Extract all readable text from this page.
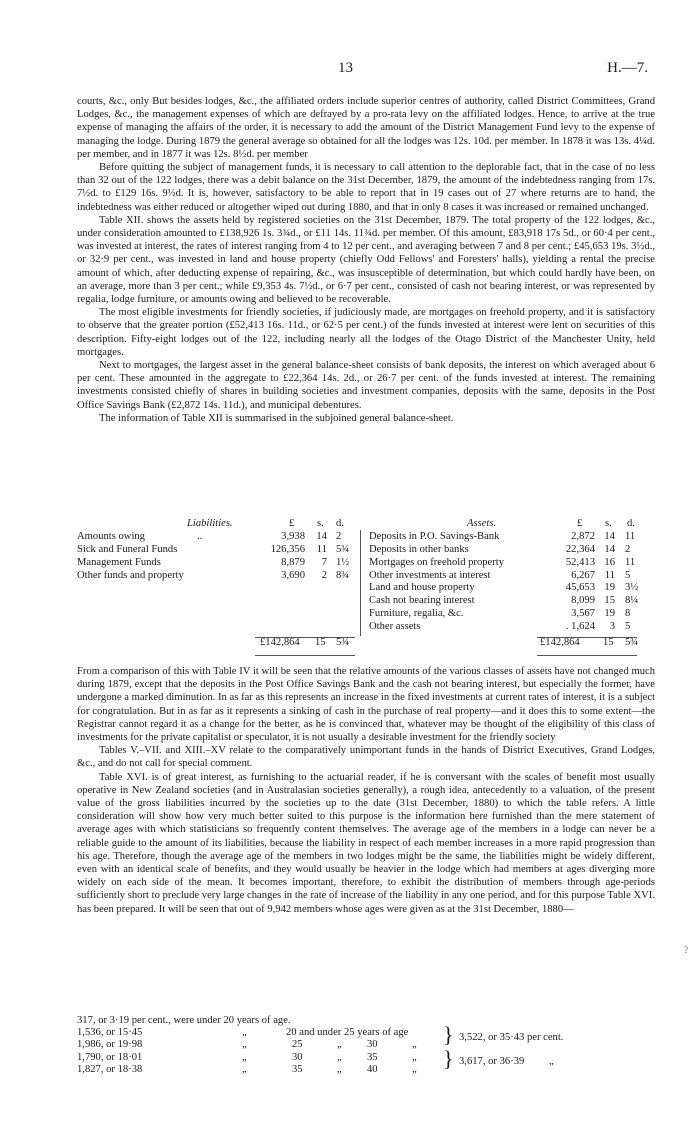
13	H.—7.

courts, &c., only But besides lodges, &c., the affiliated orders include superior centres of authority, called District Committees, Grand Lodges, &c., the management expenses of which are defrayed by a pro-rata levy on the affiliated lodges. Hence, to arrive at the true expense of managing the affairs of the order, it is necessary to add the amount of the District Management Fund levy to the expense of managing the lodge. During 1879 the general average so obtained for all the lodges was 12s. 10d. per member. In 1878 it was 13s. 4¼d. per member, and in 1877 it was 12s. 8½d. per member

Before quitting the subject of management funds, it is necessary to call attention to the deplorable fact, that in the case of no less than 32 out of the 122 lodges, there was a debit balance on the 31st December, 1879, the amount of the indebtedness ranging from 17s. 7½d. to £129 16s. 9½d. It is, however, satisfactory to be able to report that in 19 cases out of 27 where returns are to hand, the indebtedness was either reduced or altogether wiped out during 1880, and that in only 8 cases it was increased or remained unchanged.

Table XII. shows the assets held by registered societies on the 31st December, 1879. The total property of the 122 lodges, &c., under consideration amounted to £138,926 1s. 3¾d., or £11 14s. 11¾d. per member. Of this amount, £83,918 17s 5d., or 60·4 per cent., was invested at interest, the rates of interest ranging from 4 to 12 per cent., and averaging between 7 and 8 per cent.; £45,653 19s. 3½d., or 32·9 per cent., was invested in land and house property (chiefly Odd Fellows' and Foresters' halls), yielding a rental the precise amount of which, after deducting expense of repairing, &c., was insusceptible of determination, but which could hardly have been, on an average, more than 3 per cent.; while £9,353 4s. 7½d., or 6·7 per cent., consisted of cash not bearing interest, or was represented by regalia, lodge furniture, or amounts owing and believed to be recoverable.

The most eligible investments for friendly societies, if judiciously made, are mortgages on freehold property, and it is satisfactory to observe that the greater portion (£52,413 16s. 11d., or 62·5 per cent.) of the funds invested at interest were lent on securities of this description. Fifty-eight lodges out of the 122, including nearly all the lodges of the Otago District of the Manchester Unity, held mortgages.

Next to mortgages, the largest asset in the general balance-sheet consists of bank deposits, the interest on which averaged about 6 per cent. These amounted in the aggregate to £22,364 14s. 2d., or 26·7 per cent. of the funds invested at interest. The remaining investments consisted chiefly of shares in building societies and investment companies, deposits with the same, deposits in the Post Office Savings Bank (£2,872 14s. 11d.), and municipal debentures.

The information of Table XII is summarised in the subjoined general balance-sheet.

Liabilities.	£ s. d.	Assets.	£ s. d.
Amounts owing	..	3,938	14 2	Deposits in P.O. Savings-Bank	2,872 14 11
Sick and Funeral Funds	126,356	11 5¾ Deposits in other banks	22,364 14 2
Management Funds	8,879	7 1½ Mortgages on freehold property	52,413 16 11
Other funds and property	3,690	2 8¾ Other investments at interest	6,267 11 5
Land and house property	45,653 19 3½
Cash not bearing interest	8,099 15 8¼
Furniture, regalia, &c.	3,567 19 8
Other assets	. 1,624	3 5
£142,864 15 5¾	£142,864 15 5¾

From a comparison of this with Table IV it will be seen that the relative amounts of the various classes of assets have not changed much during 1879, except that the deposits in the Post Office Savings Bank and the cash not bearing interest, but especially the former, have undergone a marked diminution. In as far as this represents an increase in the fixed investments at current rates of interest, it is a subject for congratulation. But in as far as it represents a sinking of cash in the purchase of real property—and it does this to some extent—the Registrar cannot regard it as a change for the better, as he is convinced that, whatever may be thought of the eligibility of this class of investments for the private capitalist or speculator, it is not usually a desirable investment for the friendly society

Tables V.–VII. and XIII.–XV relate to the comparatively unimportant funds in the hands of District Executives, Grand Lodges, &c., and do not call for special comment.

Table XVI. is of great interest, as furnishing to the actuarial reader, if he is conversant with the scales of benefit most usually operative in New Zealand societies (and in Australasian societies generally), a rough idea, antecedently to a valuation, of the present value of the gross liabilities incurred by the societies up to the date (31st December, 1880) to which the table refers. A little consideration will show how very much better suited to this purpose is the information here furnished than the mere statement of average ages with which statisticians so frequently content themselves. The average age of the members in a lodge can never be a reliable guide to the amount of its liabilities, because the liability in respect of each member increases in a more rapid progression than his age. Therefore, though the average age of the members in two lodges might be the same, the liabilities might be widely different, even with an identical scale of benefits, and they would usually be heavier in the lodge which had members at ages diverging more widely on each side of the mean. It becomes important, therefore, to exhibit the distribution of members through age-periods sufficiently short to preclude very large changes in the rate of increase of the liability in any one period, and for this purpose Table XVI. has been prepared. It will be seen that out of 9,942 members whose ages were given as at the 31st December, 1880—

317, or 3·19 per cent., were under 20 years of age.
1,536, or 15·45	„	20 and under 25 years of age
1,986, or 19·98	„	25	„ 30	„
1,790, or 18·01	„	30	„ 35	„
1,827, or 18·38	„	35	„ 40	„
} 3,522, or 35·43 per cent.
} 3,617, or 36·39 „
?
